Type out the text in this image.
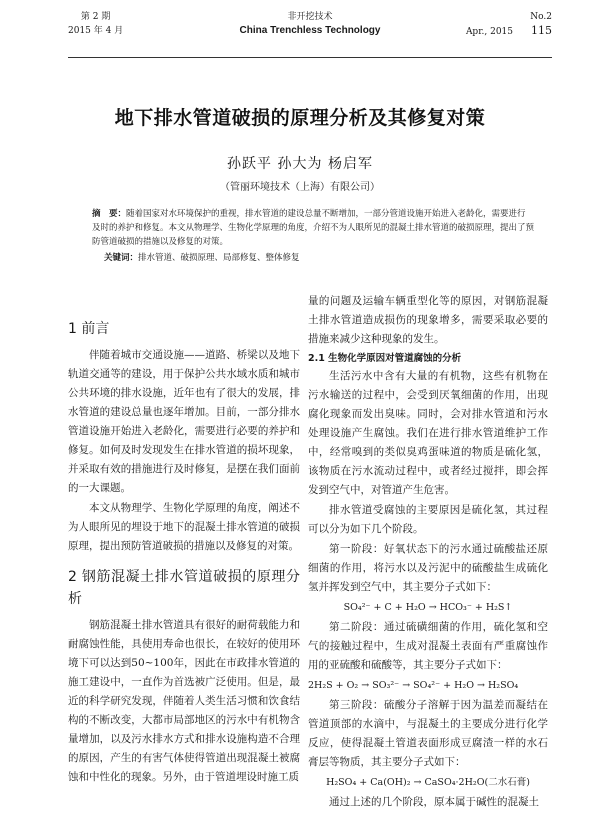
第 2 期
2015 年 4 月
非开挖技术
China Trenchless Technology
No.2
Apr., 2015 115
地下排水管道破损的原理分析及其修复对策
孙跃平 孙大为 杨启军
（管丽环境技术（上海）有限公司）
摘　要：随着国家对水环境保护的重视，排水管道的建设总量不断增加，一部分管道设施开始进入老龄化，需要进行及时的养护和修复。本文从物理学、生物化学原理的角度，介绍不为人眼所见的混凝土排水管道的破损原理，提出了预防管道破损的措施以及修复的对策。
关键词：排水管道、破损原理、局部修复、整体修复
1 前言

伴随着城市交通设施——道路、桥梁以及地下轨道交通等的建设，用于保护公共水域水质和城市公共环境的排水设施，近年也有了很大的发展，排水管道的建设总量也逐年增加。目前，一部分排水管道设施开始进入老龄化，需要进行必要的养护和修复。如何及时发现发生在排水管道的损坏现象，并采取有效的措施进行及时修复，是摆在我们面前的一大课题。

本文从物理学、生物化学原理的角度，阐述不为人眼所见的埋设于地下的混凝土排水管道的破损原理，提出预防管道破损的措施以及修复的对策。

2 钢筋混凝土排水管道破损的原理分析

钢筋混凝土排水管道具有很好的耐荷载能力和耐腐蚀性能，具使用寿命也很长，在较好的使用环境下可以达到50~100年，因此在市政排水管道的施工建设中，一直作为首选被广泛使用。但是，最近的科学研究发现，伴随着人类生活习惯和饮食结构的不断改变，大都市局部地区的污水中有机物含量增加，以及污水排水方式和排水设施构造不合理的原因，产生的有害气体使得管道出现混凝土被腐蚀和中性化的现象。另外，由于管道埋设时施工质

量的问题及运输车辆重型化等的原因，对钢筋混凝土排水管道造成损伤的现象增多，需要采取必要的措施来减少这种现象的发生。

2.1 生物化学原因对管道腐蚀的分析

生活污水中含有大量的有机物，这些有机物在污水输送的过程中，会受到厌氧细菌的作用，出现腐化现象而发出臭味。同时，会对排水管道和污水处理设施产生腐蚀。我们在进行排水管道维护工作中，经常嗅到的类似臭鸡蛋味道的物质是硫化氢，该物质在污水流动过程中，或者经过搅拌，即会挥发到空气中，对管道产生危害。

排水管道受腐蚀的主要原因是硫化氢，其过程可以分为如下几个阶段。

第一阶段：好氧状态下的污水通过硫酸盐还原细菌的作用，将污水以及污泥中的硫酸盐生成硫化氢并挥发到空气中，其主要分子式如下：

SO₄²⁻ + C + H₂O → HCO₃⁻ + H₂S↑

第二阶段：通过硫磺细菌的作用，硫化氢和空气的接触过程中，生成对混凝土表面有严重腐蚀作用的亚硫酸和硫酸等，其主要分子式如下：

2H₂S + O₂ → SO₃²⁻ → SO₄²⁻ + H₂O → H₂SO₄

第三阶段：硫酸分子溶解于因为温差而凝结在管道顶部的水滴中，与混凝土的主要成分进行化学反应，使得混凝土管道表面形成豆腐渣一样的水石膏层等物质，其主要分子式如下：

H₂SO₄ + Ca(OH)₂ → CaSO₄·2H₂O(二水石膏)

通过上述的几个阶段，原本属于碱性的混凝土
